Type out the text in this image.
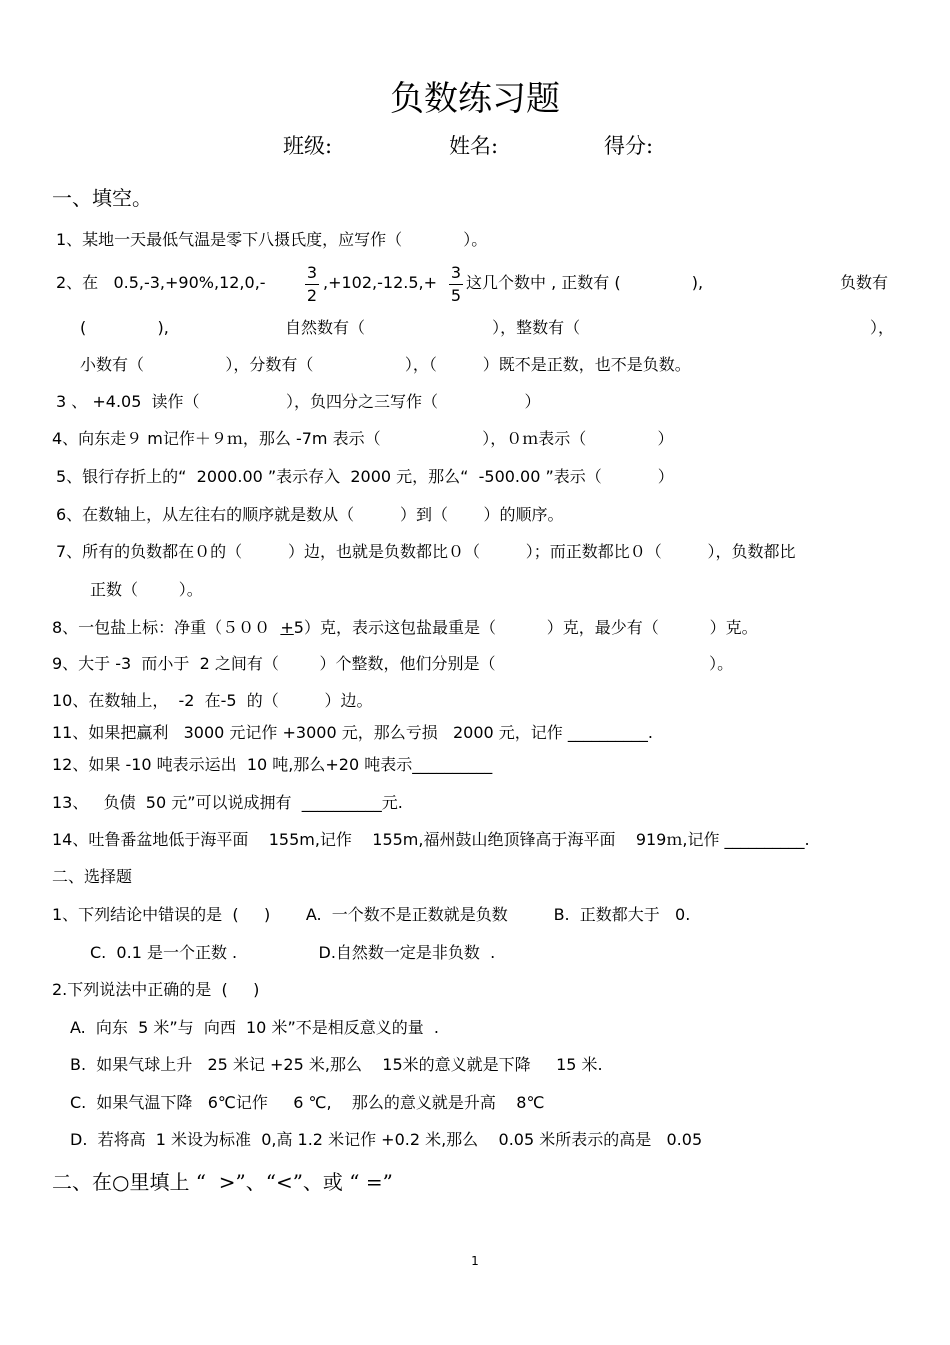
负数练习题
班级:	姓名:	得分:
一、填空。
1、某地一天最低气温是零下八摄氏度，应写作（            ）。
2、在   0.5,-3,+90%,12,0,-
3
2
,+102,-12.5,+
3
5
这几个数中 , 正数有 (              ),	负数有
(              ),	自然数有（                         ），整数有（	），
小数有（                ），分数有（                  ），（         ）既不是正数，也不是负数。
3 、 +4.05  读作（                 ），负四分之三写作（                 ）
4、向东走９ m记作＋９ｍ，那么 -7m 表示（                    ），０ｍ表示（              ）
5、银行存折上的“  2000.00 ”表示存入  2000 元，那么“  -500.00 ”表示（           ）
6、在数轴上，从左往右的顺序就是数从（         ）到（       ）的顺序。
7、所有的负数都在０的（         ）边，也就是负数都比０（         ）；而正数都比０（         ），负数都比
正数（        ）。
8、一包盐上标：净重（５００  +5）克，表示这包盐最重是（          ）克，最少有（          ）克。
9、大于 -3  而小于  2 之间有（        ）个整数，他们分别是（                                          ）。
10、在数轴上，  -2  在-5  的（         ）边。
11、如果把赢利   3000 元记作 +3000 元，那么亏损   2000 元，记作 __________.
12、如果 -10 吨表示运出  10 吨,那么+20 吨表示__________
13、   负债  50 元”可以说成拥有  __________元.
14、吐鲁番盆地低于海平面    155m,记作    155m,福州鼓山绝顶锋高于海平面    919ｍ,记作 __________.
二、选择题
1、下列结论中错误的是  (     )       A.  一个数不是正数就是负数         B.  正数都大于   0.
C.  0.1 是一个正数 .                D.自然数一定是非负数  .
2.下列说法中正确的是  (     )
A.  向东  5 米”与  向西  10 米”不是相反意义的量  .
B.  如果气球上升   25 米记 +25 米,那么    15米的意义就是下降     15 米.
C.  如果气温下降   6℃记作     6 ℃,    那么的意义就是升高    8℃
D.  若将高  1 米设为标准  0,高 1.2 米记作 +0.2 米,那么    0.05 米所表示的高是   0.05
二、在○里填上 “  >”、“<”、或 “ =”
1
